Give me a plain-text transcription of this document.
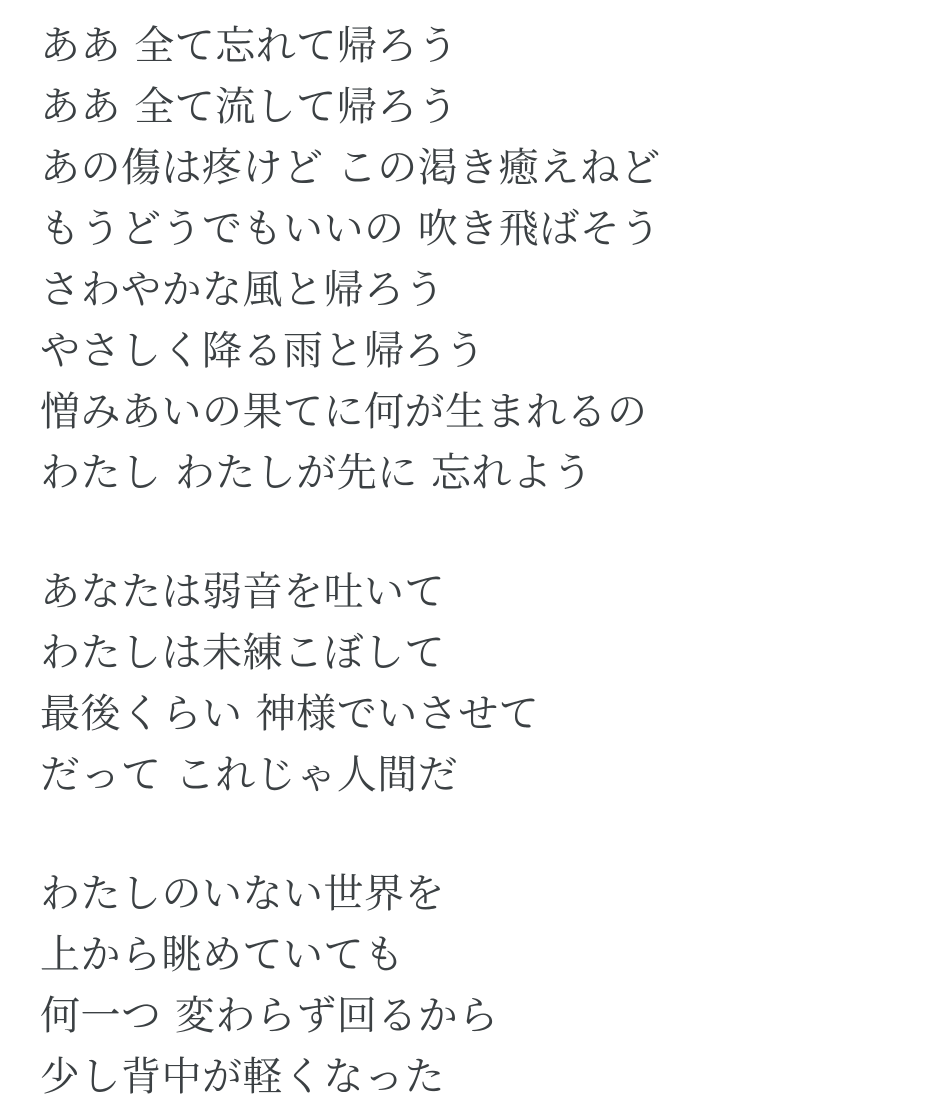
ああ 全て忘れて帰ろう
ああ 全て流して帰ろう
あの傷は疼けど この渇き癒えねど
もうどうでもいいの 吹き飛ばそう
さわやかな風と帰ろう
やさしく降る雨と帰ろう
憎みあいの果てに何が生まれるの
わたし わたしが先に 忘れよう
あなたは弱音を吐いて
わたしは未練こぼして
最後くらい 神様でいさせて
だって これじゃ人間だ
わたしのいない世界を
上から眺めていても
何一つ 変わらず回るから
少し背中が軽くなった
